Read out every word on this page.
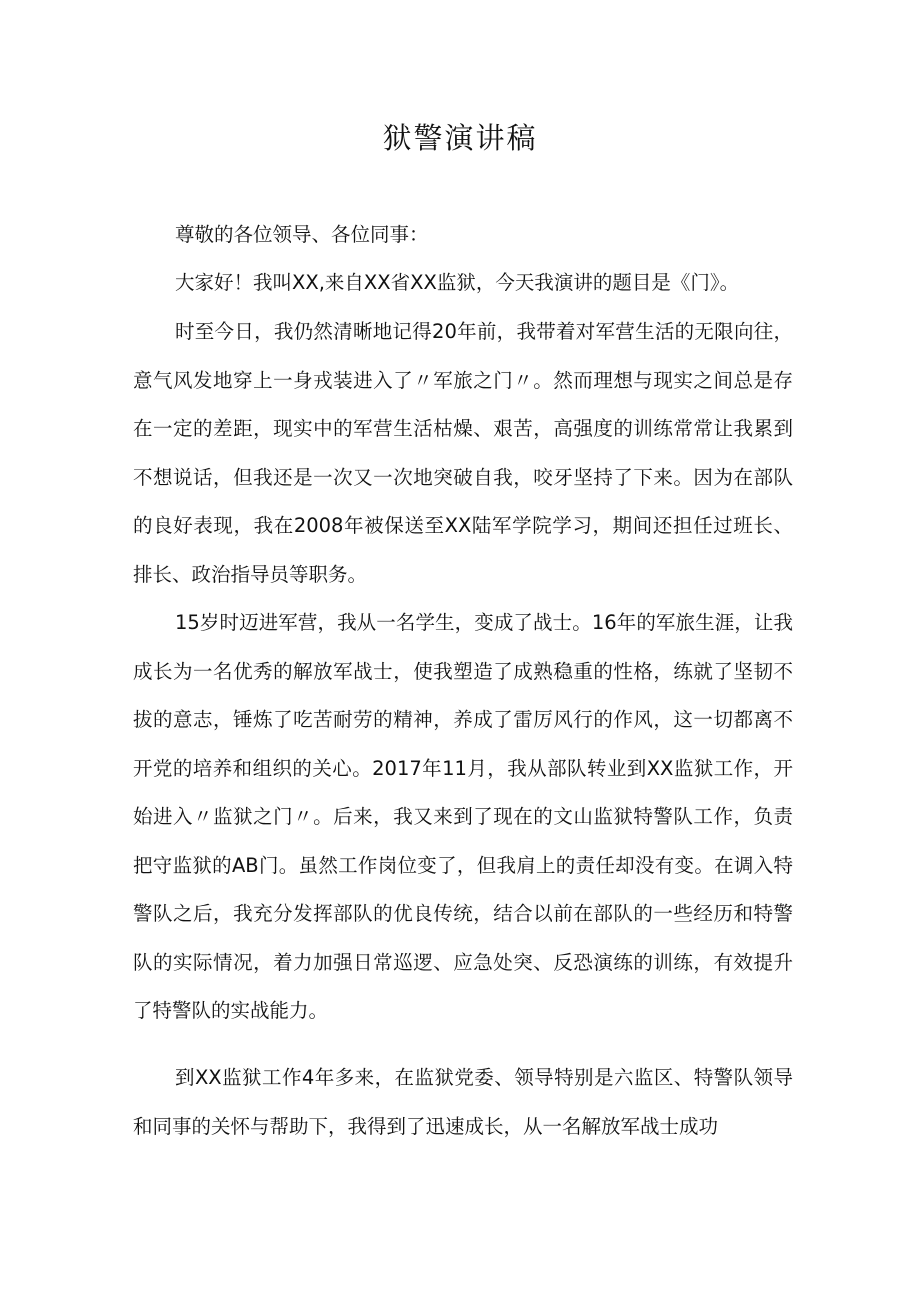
狱警演讲稿

尊敬的各位领导、各位同事：

大家好！我叫XX,来自XX省XX监狱，今天我演讲的题目是《门》。

时至今日，我仍然清晰地记得20年前，我带着对军营生活的无限向往，意气风发地穿上一身戎装进入了〃军旅之门〃。然而理想与现实之间总是存在一定的差距，现实中的军营生活枯燥、艰苦，高强度的训练常常让我累到不想说话，但我还是一次又一次地突破自我，咬牙坚持了下来。因为在部队的良好表现，我在2008年被保送至XX陆军学院学习，期间还担任过班长、排长、政治指导员等职务。

15岁时迈进军营，我从一名学生，变成了战士。16年的军旅生涯，让我成长为一名优秀的解放军战士，使我塑造了成熟稳重的性格，练就了坚韧不拔的意志，锤炼了吃苦耐劳的精神，养成了雷厉风行的作风，这一切都离不开党的培养和组织的关心。2017年11月，我从部队转业到XX监狱工作，开始进入〃监狱之门〃。后来，我又来到了现在的文山监狱特警队工作，负责把守监狱的AB门。虽然工作岗位变了，但我肩上的责任却没有变。在调入特警队之后，我充分发挥部队的优良传统，结合以前在部队的一些经历和特警队的实际情况，着力加强日常巡逻、应急处突、反恐演练的训练，有效提升了特警队的实战能力。

到XX监狱工作4年多来，在监狱党委、领导特别是六监区、特警队领导和同事的关怀与帮助下，我得到了迅速成长，从一名解放军战士成功
